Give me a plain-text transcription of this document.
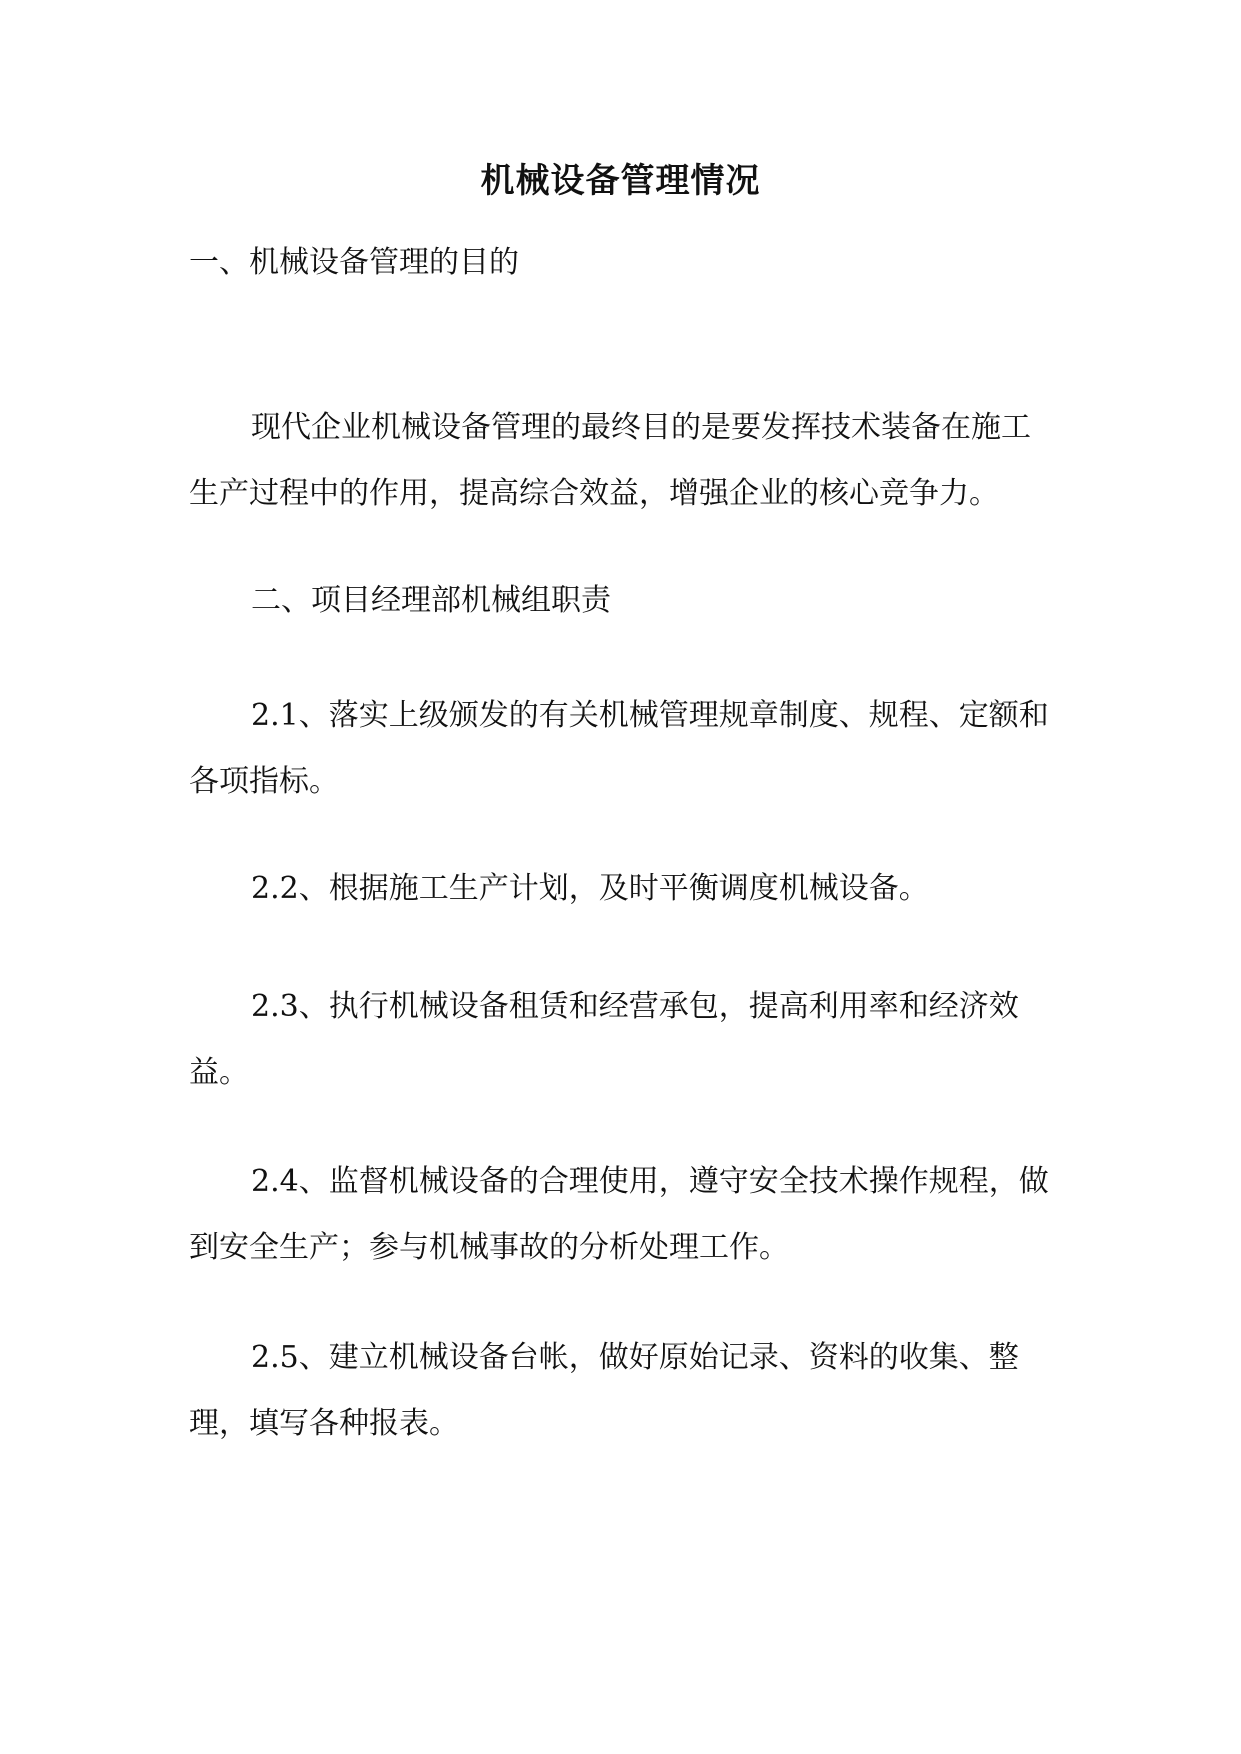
机械设备管理情况

一、机械设备管理的目的

现代企业机械设备管理的最终目的是要发挥技术装备在施工生产过程中的作用，提高综合效益，增强企业的核心竞争力。

二、项目经理部机械组职责

2.1、落实上级颁发的有关机械管理规章制度、规程、定额和各项指标。

2.2、根据施工生产计划，及时平衡调度机械设备。

2.3、执行机械设备租赁和经营承包，提高利用率和经济效益。

2.4、监督机械设备的合理使用，遵守安全技术操作规程，做到安全生产；参与机械事故的分析处理工作。

2.5、建立机械设备台帐，做好原始记录、资料的收集、整理，填写各种报表。
